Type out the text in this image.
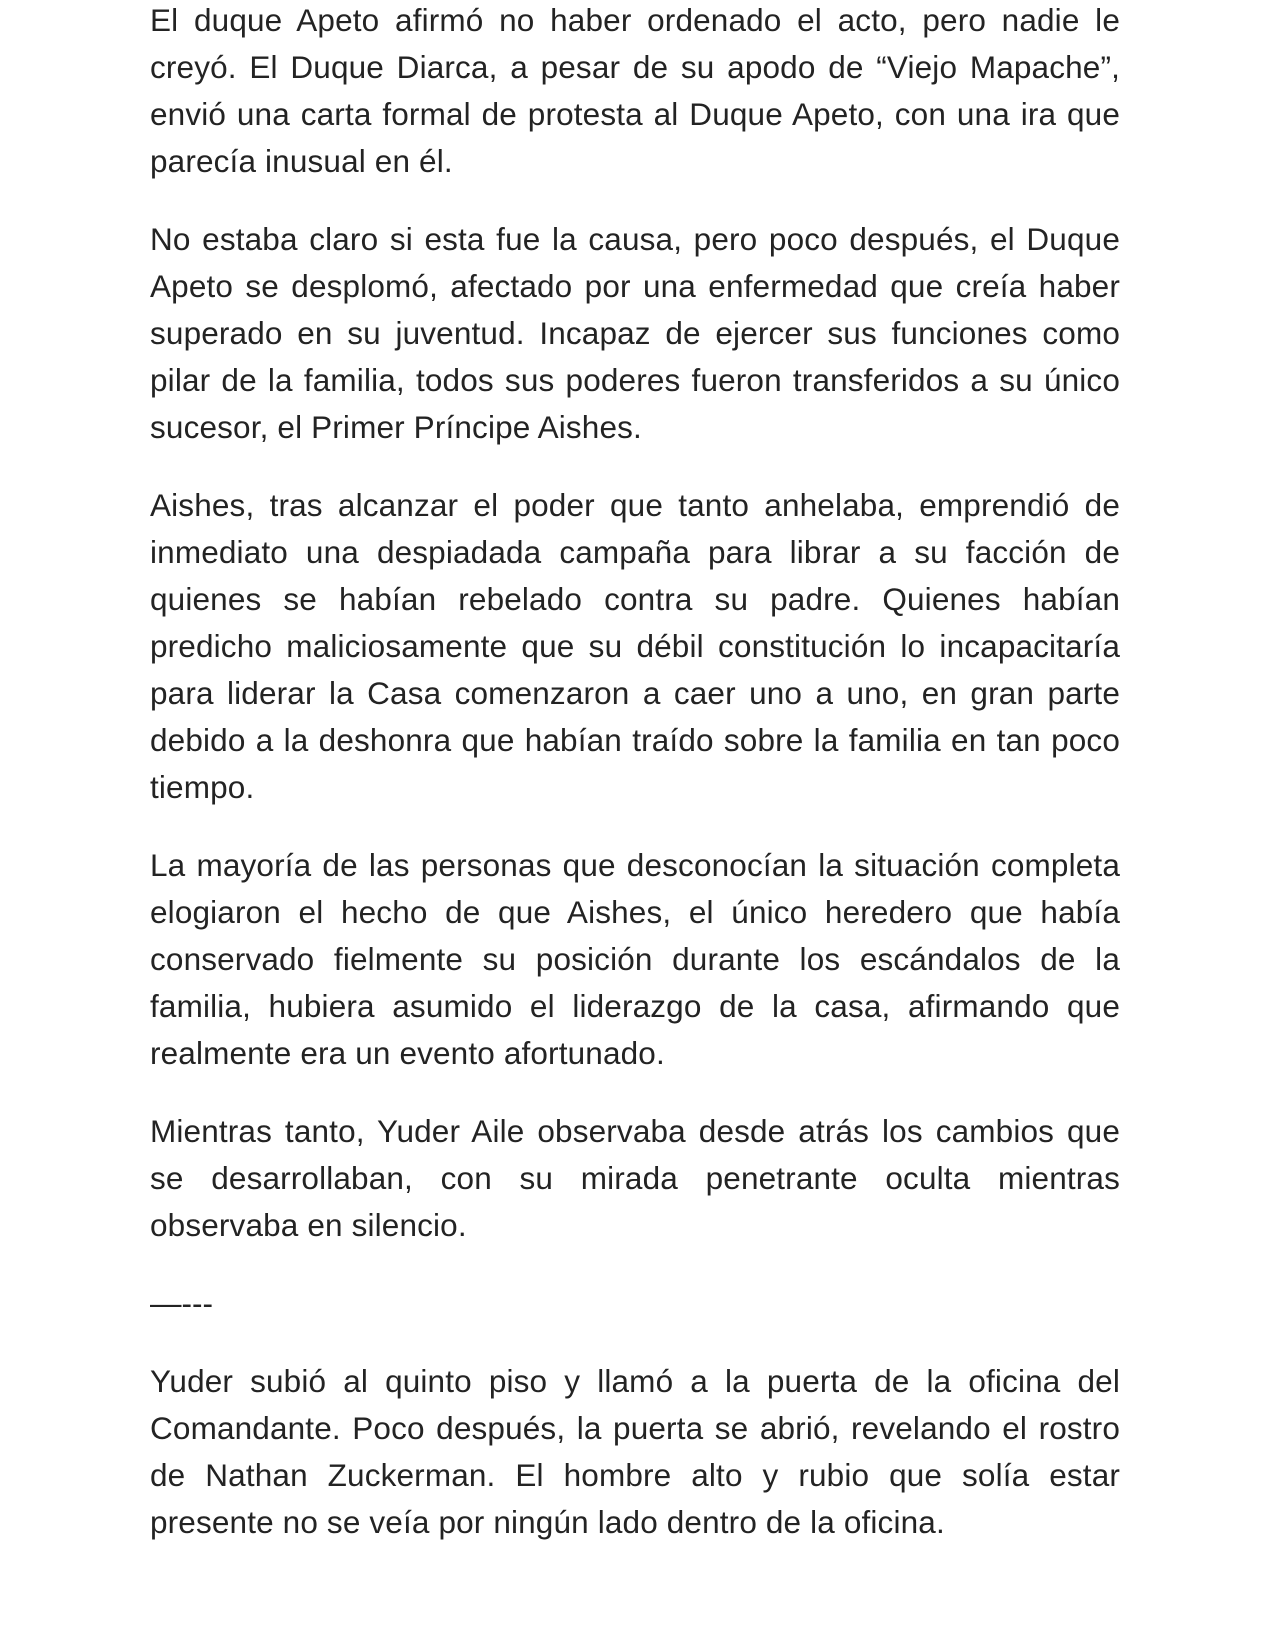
El duque Apeto afirmó no haber ordenado el acto, pero nadie le creyó. El Duque Diarca, a pesar de su apodo de “Viejo Mapache”, envió una carta formal de protesta al Duque Apeto, con una ira que parecía inusual en él.

No estaba claro si esta fue la causa, pero poco después, el Duque Apeto se desplomó, afectado por una enfermedad que creía haber superado en su juventud. Incapaz de ejercer sus funciones como pilar de la familia, todos sus poderes fueron transferidos a su único sucesor, el Primer Príncipe Aishes.

Aishes, tras alcanzar el poder que tanto anhelaba, emprendió de inmediato una despiadada campaña para librar a su facción de quienes se habían rebelado contra su padre. Quienes habían predicho maliciosamente que su débil constitución lo incapacitaría para liderar la Casa comenzaron a caer uno a uno, en gran parte debido a la deshonra que habían traído sobre la familia en tan poco tiempo.

La mayoría de las personas que desconocían la situación completa elogiaron el hecho de que Aishes, el único heredero que había conservado fielmente su posición durante los escándalos de la familia, hubiera asumido el liderazgo de la casa, afirmando que realmente era un evento afortunado.

Mientras tanto, Yuder Aile observaba desde atrás los cambios que se desarrollaban, con su mirada penetrante oculta mientras observaba en silencio.

—---

Yuder subió al quinto piso y llamó a la puerta de la oficina del Comandante. Poco después, la puerta se abrió, revelando el rostro de Nathan Zuckerman. El hombre alto y rubio que solía estar presente no se veía por ningún lado dentro de la oficina.
